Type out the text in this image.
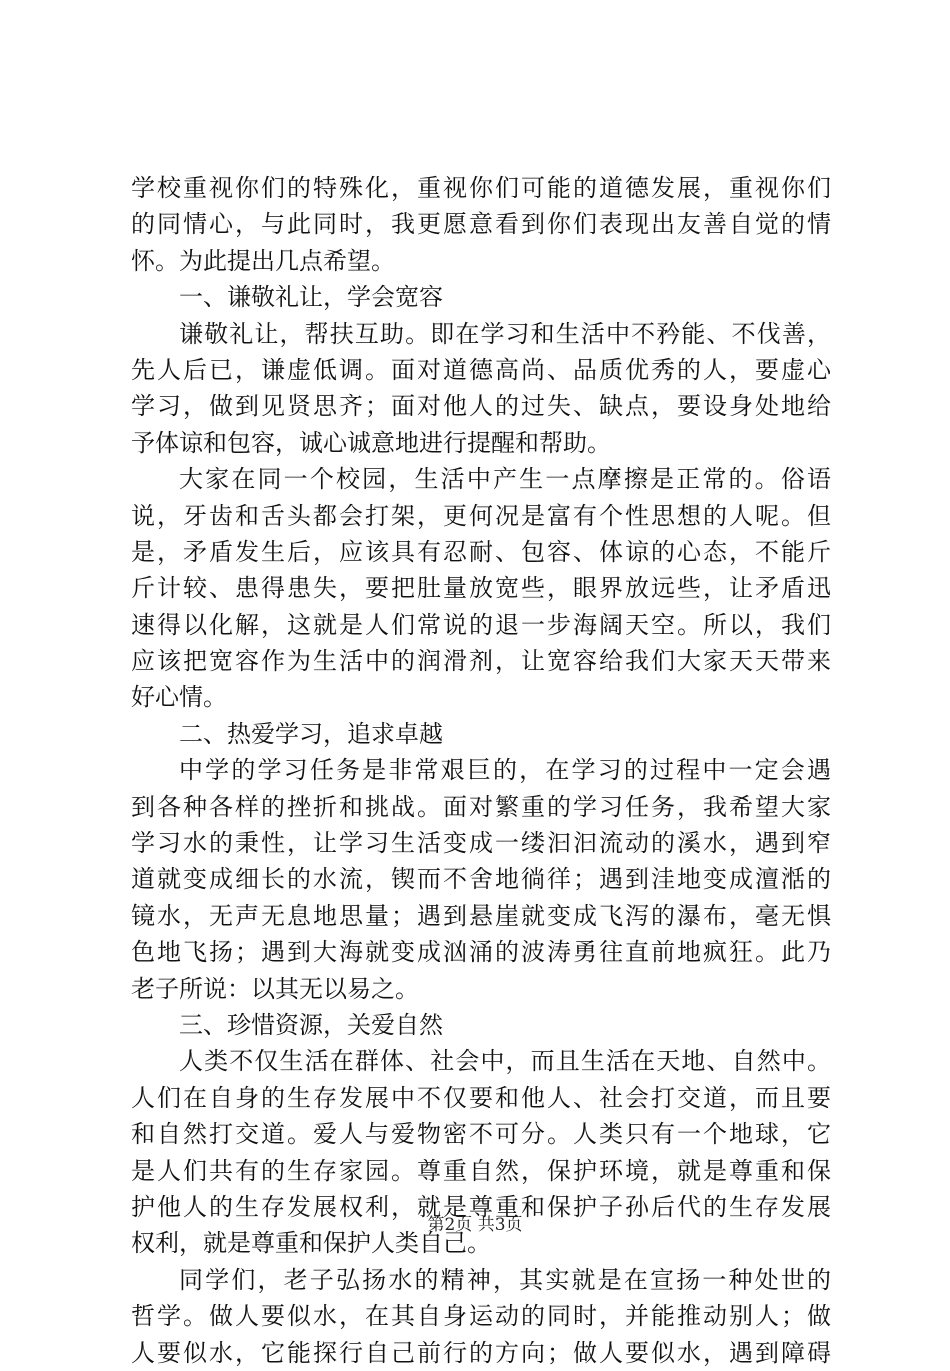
学校重视你们的特殊化，重视你们可能的道德发展，重视你们
的同情心，与此同时，我更愿意看到你们表现出友善自觉的情
怀。为此提出几点希望。
一、谦敬礼让，学会宽容
谦敬礼让，帮扶互助。即在学习和生活中不矜能、不伐善，
先人后已，谦虚低调。面对道德高尚、品质优秀的人，要虚心
学习，做到见贤思齐；面对他人的过失、缺点，要设身处地给
予体谅和包容，诚心诚意地进行提醒和帮助。
大家在同一个校园，生活中产生一点摩擦是正常的。俗语
说，牙齿和舌头都会打架，更何况是富有个性思想的人呢。但
是，矛盾发生后，应该具有忍耐、包容、体谅的心态，不能斤
斤计较、患得患失，要把肚量放宽些，眼界放远些，让矛盾迅
速得以化解，这就是人们常说的退一步海阔天空。所以，我们
应该把宽容作为生活中的润滑剂，让宽容给我们大家天天带来
好心情。
二、热爱学习，追求卓越
中学的学习任务是非常艰巨的，在学习的过程中一定会遇
到各种各样的挫折和挑战。面对繁重的学习任务，我希望大家
学习水的秉性，让学习生活变成一缕汩汩流动的溪水，遇到窄
道就变成细长的水流，锲而不舍地徜徉；遇到洼地变成澶湉的
镜水，无声无息地思量；遇到悬崖就变成飞泻的瀑布，毫无惧
色地飞扬；遇到大海就变成汹涌的波涛勇往直前地疯狂。此乃
老子所说：以其无以易之。
三、珍惜资源，关爱自然
人类不仅生活在群体、社会中，而且生活在天地、自然中。
人们在自身的生存发展中不仅要和他人、社会打交道，而且要
和自然打交道。爱人与爱物密不可分。人类只有一个地球，它
是人们共有的生存家园。尊重自然，保护环境，就是尊重和保
护他人的生存发展权利，就是尊重和保护子孙后代的生存发展
权利，就是尊重和保护人类自己。
同学们，老子弘扬水的精神，其实就是在宣扬一种处世的
哲学。做人要似水，在其自身运动的同时，并能推动别人；做
人要似水，它能探行自己前行的方向；做人要似水，遇到障碍
第2页 共3页
